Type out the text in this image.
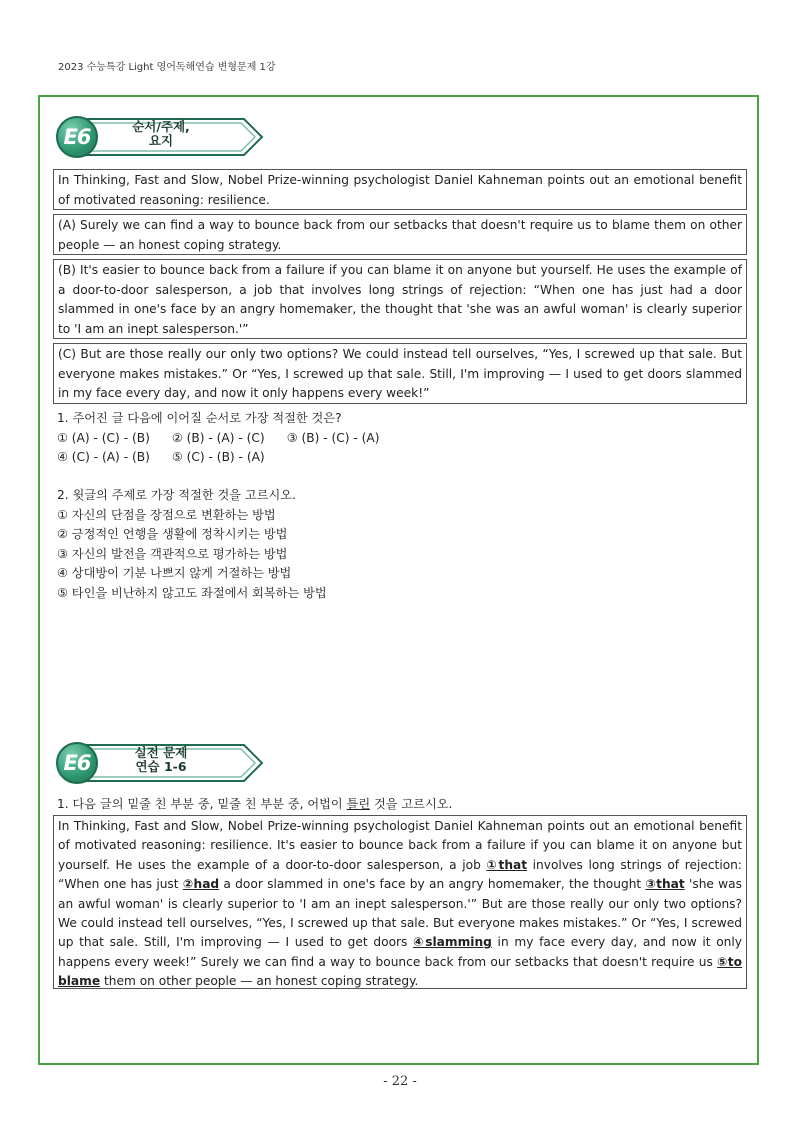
2023 수능특강 Light 영어독해연습 변형문제 1강
E6	순서/주제,
요지
In Thinking, Fast and Slow, Nobel Prize-winning psychologist Daniel Kahneman points out an emotional benefit of motivated reasoning: resilience.
(A) Surely we can find a way to bounce back from our setbacks that doesn't require us to blame them on other people — an honest coping strategy.
(B) It's easier to bounce back from a failure if you can blame it on anyone but yourself. He uses the example of a door-to-door salesperson, a job that involves long strings of rejection: “When one has just had a door slammed in one's face by an angry homemaker, the thought that 'she was an awful woman' is clearly superior to 'I am an inept salesperson.'”
(C) But are those really our only two options? We could instead tell ourselves, “Yes, I screwed up that sale. But everyone makes mistakes.” Or “Yes, I screwed up that sale. Still, I'm improving — I used to get doors slammed in my face every day, and now it only happens every week!”
1. 주어진 글 다음에 이어질 순서로 가장 적절한 것은?
① (A) - (C) - (B) ② (B) - (A) - (C) ③ (B) - (C) - (A)
④ (C) - (A) - (B) ⑤ (C) - (B) - (A)
2. 윗글의 주제로 가장 적절한 것을 고르시오.
① 자신의 단점을 장점으로 변환하는 방법
② 긍정적인 언행을 생활에 정착시키는 방법
③ 자신의 발전을 객관적으로 평가하는 방법
④ 상대방이 기분 나쁘지 않게 거절하는 방법
⑤ 타인을 비난하지 않고도 좌절에서 회복하는 방법
E6	실전 문제
연습 1-6
1. 다음 글의 밑줄 친 부분 중, 밑줄 친 부분 중, 어법이 틀린 것을 고르시오.
In Thinking, Fast and Slow, Nobel Prize-winning psychologist Daniel Kahneman points out an emotional benefit of motivated reasoning: resilience. It's easier to bounce back from a failure if you can blame it on anyone but yourself. He uses the example of a door-to-door salesperson, a job ①that involves long strings of rejection: “When one has just ②had a door slammed in one's face by an angry homemaker, the thought ③that 'she was an awful woman' is clearly superior to 'I am an inept salesperson.'” But are those really our only two options? We could instead tell ourselves, “Yes, I screwed up that sale. But everyone makes mistakes.” Or “Yes, I screwed up that sale. Still, I'm improving — I used to get doors ④slamming in my face every day, and now it only happens every week!” Surely we can find a way to bounce back from our setbacks that doesn't require us ⑤to blame them on other people — an honest coping strategy.
- 22 -
